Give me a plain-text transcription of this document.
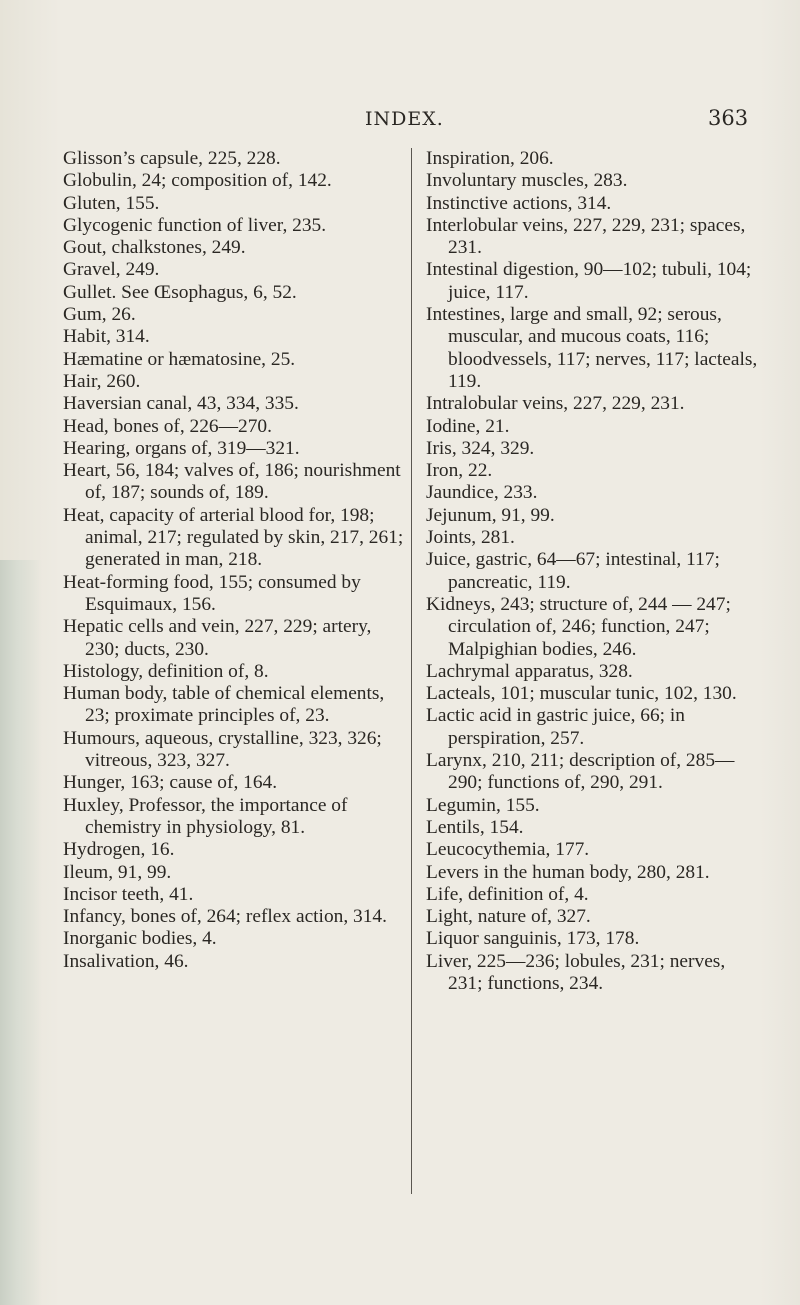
INDEX.	363

Glisson’s capsule, 225, 228.

Globulin, 24; composition of, 142.

Gluten, 155.

Glycogenic function of liver, 235.

Gout, chalkstones, 249.

Gravel, 249.

Gullet. See Œsophagus, 6, 52.

Gum, 26.

Habit, 314.

Hæmatine or hæmatosine, 25.

Hair, 260.

Haversian canal, 43, 334, 335.

Head, bones of, 226—270.

Hearing, organs of, 319—321.

Heart, 56, 184; valves of, 186; nourishment of, 187; sounds of, 189.

Heat, capacity of arterial blood for, 198; animal, 217; regulated by skin, 217, 261; generated in man, 218.

Heat-forming food, 155; consumed by Esquimaux, 156.

Hepatic cells and vein, 227, 229; artery, 230; ducts, 230.

Histology, definition of, 8.

Human body, table of chemical elements, 23; proximate principles of, 23.

Humours, aqueous, crystalline, 323, 326; vitreous, 323, 327.

Hunger, 163; cause of, 164.

Huxley, Professor, the importance of chemistry in physiology, 81.

Hydrogen, 16.

Ileum, 91, 99.

Incisor teeth, 41.

Infancy, bones of, 264; reflex action, 314.

Inorganic bodies, 4.

Insalivation, 46.

Inspiration, 206.

Involuntary muscles, 283.

Instinctive actions, 314.

Interlobular veins, 227, 229, 231; spaces, 231.

Intestinal digestion, 90—102; tubuli, 104; juice, 117.

Intestines, large and small, 92; serous, muscular, and mucous coats, 116; bloodvessels, 117; nerves, 117; lacteals, 119.

Intralobular veins, 227, 229, 231.

Iodine, 21.

Iris, 324, 329.

Iron, 22.

Jaundice, 233.

Jejunum, 91, 99.

Joints, 281.

Juice, gastric, 64—67; intestinal, 117; pancreatic, 119.

Kidneys, 243; structure of, 244 — 247; circulation of, 246; function, 247; Malpighian bodies, 246.

Lachrymal apparatus, 328.

Lacteals, 101; muscular tunic, 102, 130.

Lactic acid in gastric juice, 66; in perspiration, 257.

Larynx, 210, 211; description of, 285—290; functions of, 290, 291.

Legumin, 155.

Lentils, 154.

Leucocythemia, 177.

Levers in the human body, 280, 281.

Life, definition of, 4.

Light, nature of, 327.

Liquor sanguinis, 173, 178.

Liver, 225—236; lobules, 231; nerves, 231; functions, 234.
